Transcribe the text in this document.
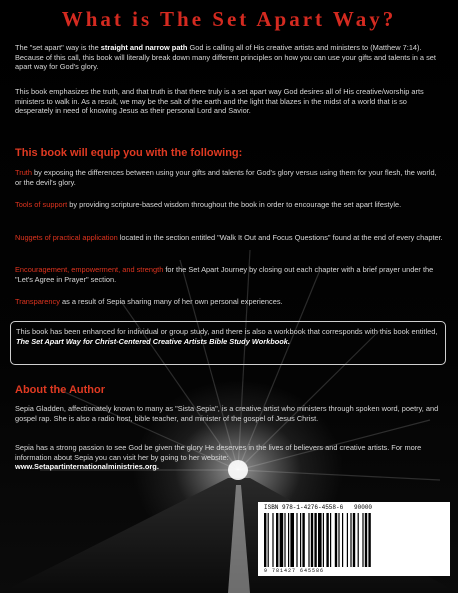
What is The Set Apart Way?

The "set apart" way is the straight and narrow path God is calling all of His creative artists and ministers to (Matthew 7:14). Because of this call, this book will literally break down many different principles on how you can use your gifts and talents in a set apart way for God's glory.

This book emphasizes the truth, and that truth is that there truly is a set apart way God desires all of His creative/worship arts ministers to walk in. As a result, we may be the salt of the earth and the light that blazes in the midst of a world that is so desperately in need of knowing Jesus as their personal Lord and Savior.

This book will equip you with the following:

Truth by exposing the differences between using your gifts and talents for God's glory versus using them for your flesh, the world, or the devil's glory.

Tools of support by providing scripture-based wisdom throughout the book in order to encourage the set apart lifestyle.

Nuggets of practical application located in the section entitled "Walk It Out and Focus Questions" found at the end of every chapter.

Encouragement, empowerment, and strength for the Set Apart Journey by closing out each chapter with a brief prayer under the "Let's Agree in Prayer" section.

Transparency as a result of Sepia sharing many of her own personal experiences.

This book has been enhanced for individual or group study, and there is also a workbook that corresponds with this book entitled, The Set Apart Way for Christ-Centered Creative Artists Bible Study Workbook.

About the Author

Sepia Gladden, affectionately known to many as "Sista Sepia", is a creative artist who ministers through spoken word, poetry, and gospel rap. She is also a radio host, bible teacher, and minister of the gospel of Jesus Christ.

Sepia has a strong passion to see God be given the glory He deserves in the lives of believers and creative artists. For more information about Sepia you can visit her by going to her website:
www.Setapartinternationalministries.org.

ISBN 978-1-4276-4558-6 90000
9 781427 645586
